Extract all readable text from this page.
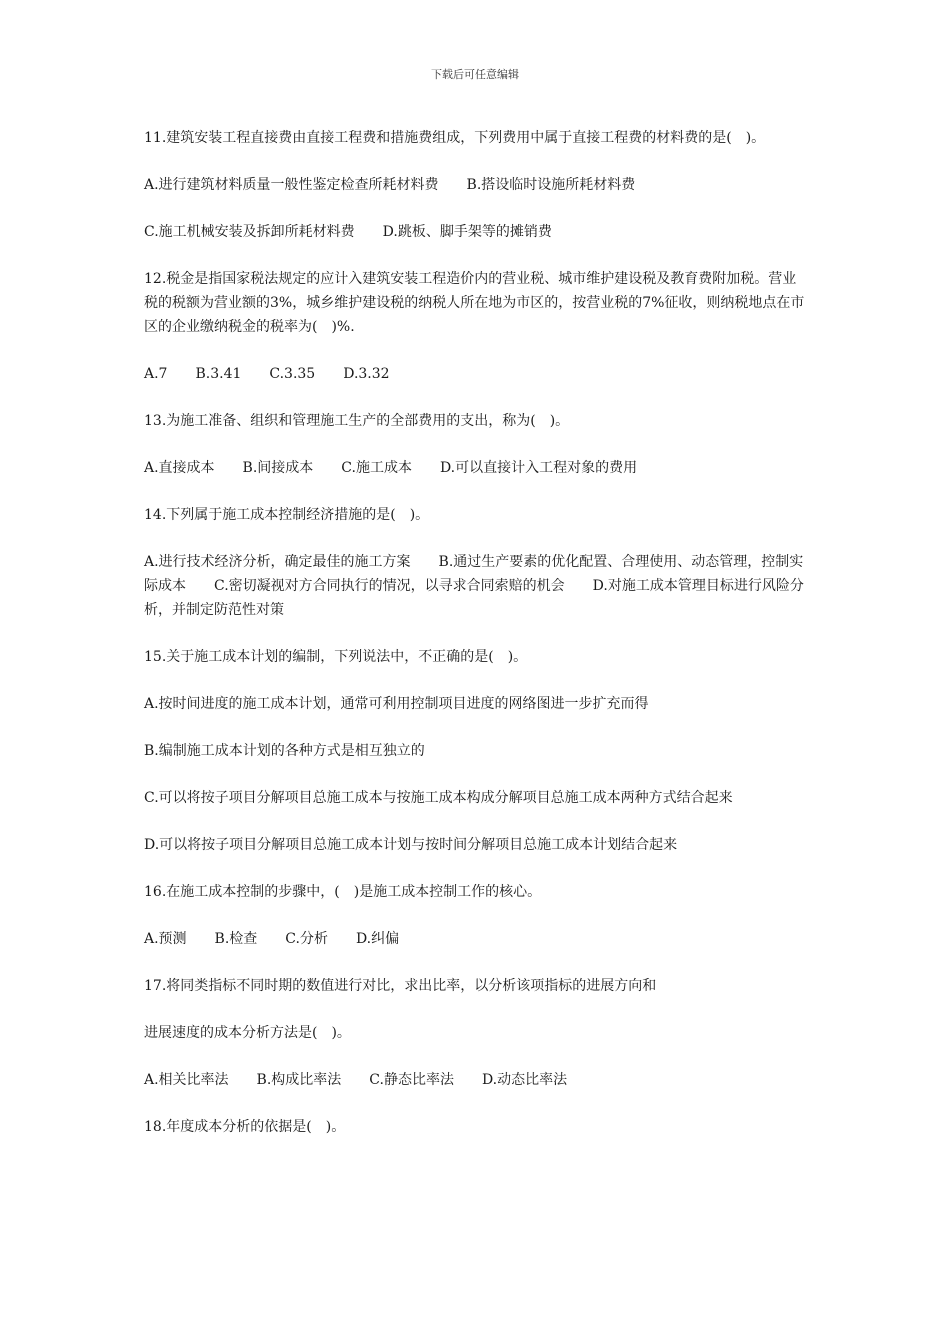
下载后可任意编辑

11.建筑安装工程直接费由直接工程费和措施费组成，下列费用中属于直接工程费的材料费的是(　)。

A.进行建筑材料质量一般性鉴定检查所耗材料费　　B.搭设临时设施所耗材料费

C.施工机械安装及拆卸所耗材料费　　D.跳板、脚手架等的摊销费

12.税金是指国家税法规定的应计入建筑安装工程造价内的营业税、城市维护建设税及教育费附加税。营业税的税额为营业额的3%，城乡维护建设税的纳税人所在地为市区的，按营业税的7%征收，则纳税地点在市区的企业缴纳税金的税率为(　)%.

A.7　　B.3.41　　C.3.35　　D.3.32

13.为施工准备、组织和管理施工生产的全部费用的支出，称为(　)。

A.直接成本　　B.间接成本　　C.施工成本　　D.可以直接计入工程对象的费用

14.下列属于施工成本控制经济措施的是(　)。

A.进行技术经济分析，确定最佳的施工方案　　B.通过生产要素的优化配置、合理使用、动态管理，控制实际成本　　C.密切凝视对方合同执行的情况，以寻求合同索赔的机会　　D.对施工成本管理目标进行风险分析，并制定防范性对策

15.关于施工成本计划的编制，下列说法中，不正确的是(　)。

A.按时间进度的施工成本计划，通常可利用控制项目进度的网络图进一步扩充而得

B.编制施工成本计划的各种方式是相互独立的

C.可以将按子项目分解项目总施工成本与按施工成本构成分解项目总施工成本两种方式结合起来

D.可以将按子项目分解项目总施工成本计划与按时间分解项目总施工成本计划结合起来

16.在施工成本控制的步骤中，(　)是施工成本控制工作的核心。

A.预测　　B.检查　　C.分析　　D.纠偏

17.将同类指标不同时期的数值进行对比，求出比率，以分析该项指标的进展方向和

进展速度的成本分析方法是(　)。

A.相关比率法　　B.构成比率法　　C.静态比率法　　D.动态比率法

18.年度成本分析的依据是(　)。
